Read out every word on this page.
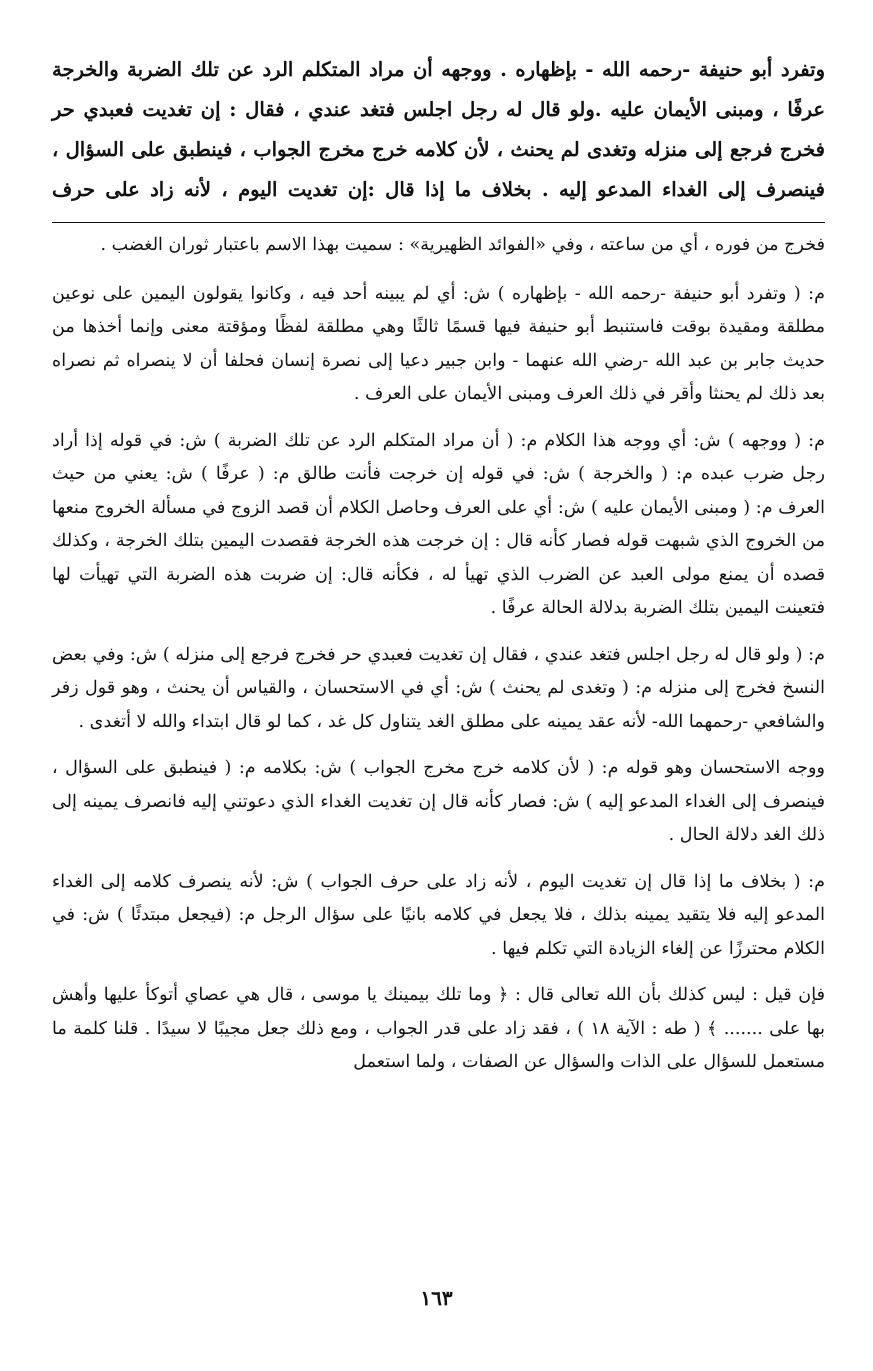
وتفرد أبو حنيفة -رحمه الله - بإظهاره . ووجهه أن مراد المتكلم الرد عن تلك الضربة والخرجة

عرفًا ، ومبنى الأيمان عليه .ولو قال له رجل اجلس فتغد عندي ، فقال : إن تغديت فعبدي حر

فخرج فرجع إلى منزله وتغدى لم يحنث ، لأن كلامه خرج مخرج الجواب ، فينطبق على السؤال ،

فينصرف إلى الغداء المدعو إليه . بخلاف ما إذا قال :إن تغديت اليوم ، لأنه زاد على حرف

فخرج من فوره ، أي من ساعته ، وفي «الفوائد الظهيرية» : سميت بهذا الاسم باعتبار ثوران الغضب .

م: ( وتفرد أبو حنيفة -رحمه الله - بإظهاره ) ش: أي لم يبينه أحد فيه ، وكانوا يقولون اليمين على نوعين مطلقة ومقيدة بوقت فاستنبط أبو حنيفة فيها قسمًا ثالثًا وهي مطلقة لفظًا ومؤقتة معنى وإنما أخذها من حديث جابر بن عبد الله -رضي الله عنهما - وابن جبير دعيا إلى نصرة إنسان فحلفا أن لا ينصراه ثم نصراه بعد ذلك لم يحنثا وأقر في ذلك العرف ومبنى الأيمان على العرف .

م: ( ووجهه ) ش: أي ووجه هذا الكلام م: ( أن مراد المتكلم الرد عن تلك الضربة ) ش: في قوله إذا أراد رجل ضرب عبده م: ( والخرجة ) ش: في قوله إن خرجت فأنت طالق م: ( عرفًا ) ش: يعني من حيث العرف م: ( ومبنى الأيمان عليه ) ش: أي على العرف وحاصل الكلام أن قصد الزوج في مسألة الخروج منعها من الخروج الذي شبهت قوله فصار كأنه قال : إن خرجت هذه الخرجة فقصدت اليمين بتلك الخرجة ، وكذلك قصده أن يمنع مولى العبد عن الضرب الذي تهيأ له ، فكأنه قال: إن ضربت هذه الضربة التي تهيأت لها فتعينت اليمين بتلك الضربة بدلالة الحالة عرفًا .

م: ( ولو قال له رجل اجلس فتغد عندي ، فقال إن تغديت فعبدي حر فخرج فرجع إلى منزله ) ش: وفي بعض النسخ فخرج إلى منزله م: ( وتغدى لم يحنث ) ش: أي في الاستحسان ، والقياس أن يحنث ، وهو قول زفر والشافعي -رحمهما الله- لأنه عقد يمينه على مطلق الغد يتناول كل غد ، كما لو قال ابتداء والله لا أتغدى .

ووجه الاستحسان وهو قوله م: ( لأن كلامه خرج مخرج الجواب ) ش: بكلامه م: ( فينطبق على السؤال ، فينصرف إلى الغداء المدعو إليه ) ش: فصار كأنه قال إن تغديت الغداء الذي دعوتني إليه فانصرف يمينه إلى ذلك الغد دلالة الحال .

م: ( بخلاف ما إذا قال إن تغديت اليوم ، لأنه زاد على حرف الجواب ) ش: لأنه ينصرف كلامه إلى الغداء المدعو إليه فلا يتقيد يمينه بذلك ، فلا يجعل في كلامه بانيًا على سؤال الرجل م: (فيجعل مبتدئًا ) ش: في الكلام محترزًا عن إلغاء الزيادة التي تكلم فيها .

فإن قيل : ليس كذلك بأن الله تعالى قال : ﴿ وما تلك بيمينك يا موسى ، قال هي عصاي أتوكأ عليها وأهش بها على ....... ﴾ ( طه : الآية ١٨ ) ، فقد زاد على قدر الجواب ، ومع ذلك جعل مجيبًا لا سيدًا . قلنا كلمة ما مستعمل للسؤال على الذات والسؤال عن الصفات ، ولما استعمل

١٦٣
